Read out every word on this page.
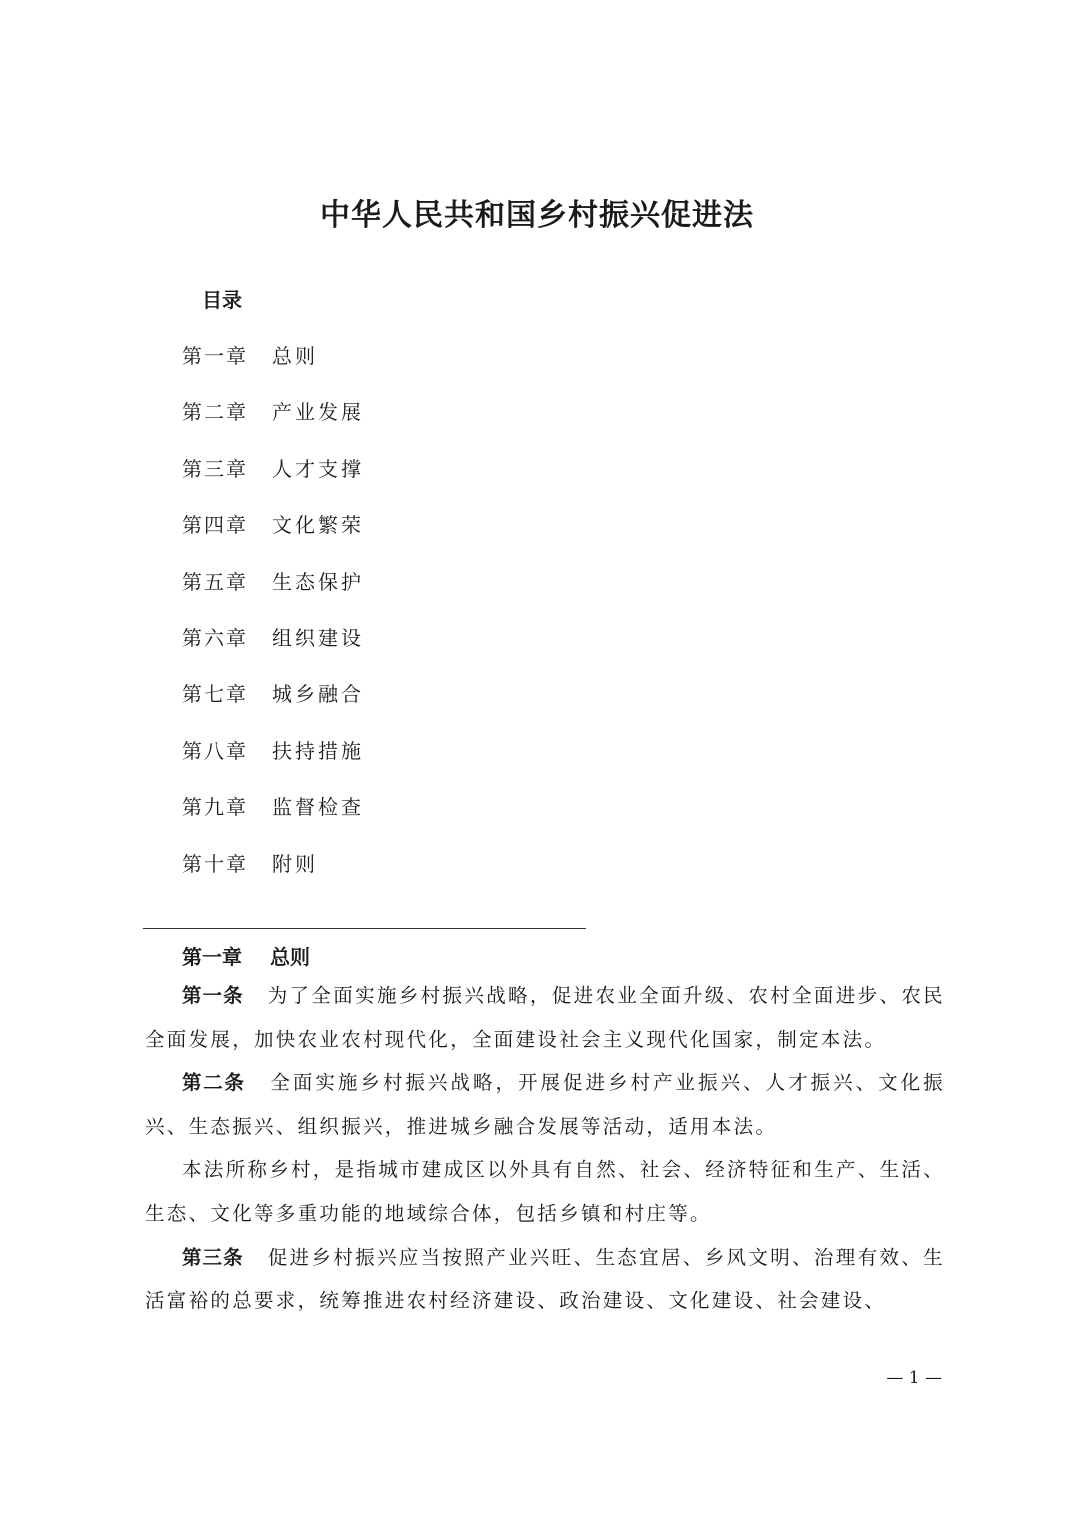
中华人民共和国乡村振兴促进法
目录
第一章 总则
第二章 产业发展
第三章 人才支撑
第四章 文化繁荣
第五章 生态保护
第六章 组织建设
第七章 城乡融合
第八章 扶持措施
第九章 监督检查
第十章 附则
第一章 总则

第一条 为了全面实施乡村振兴战略，促进农业全面升级、农村全面进步、农民全面发展，加快农业农村现代化，全面建设社会主义现代化国家，制定本法。

第二条 全面实施乡村振兴战略，开展促进乡村产业振兴、人才振兴、文化振兴、生态振兴、组织振兴，推进城乡融合发展等活动，适用本法。

本法所称乡村，是指城市建成区以外具有自然、社会、经济特征和生产、生活、生态、文化等多重功能的地域综合体，包括乡镇和村庄等。

第三条 促进乡村振兴应当按照产业兴旺、生态宜居、乡风文明、治理有效、生活富裕的总要求，统筹推进农村经济建设、政治建设、文化建设、社会建设、

— 1 —
